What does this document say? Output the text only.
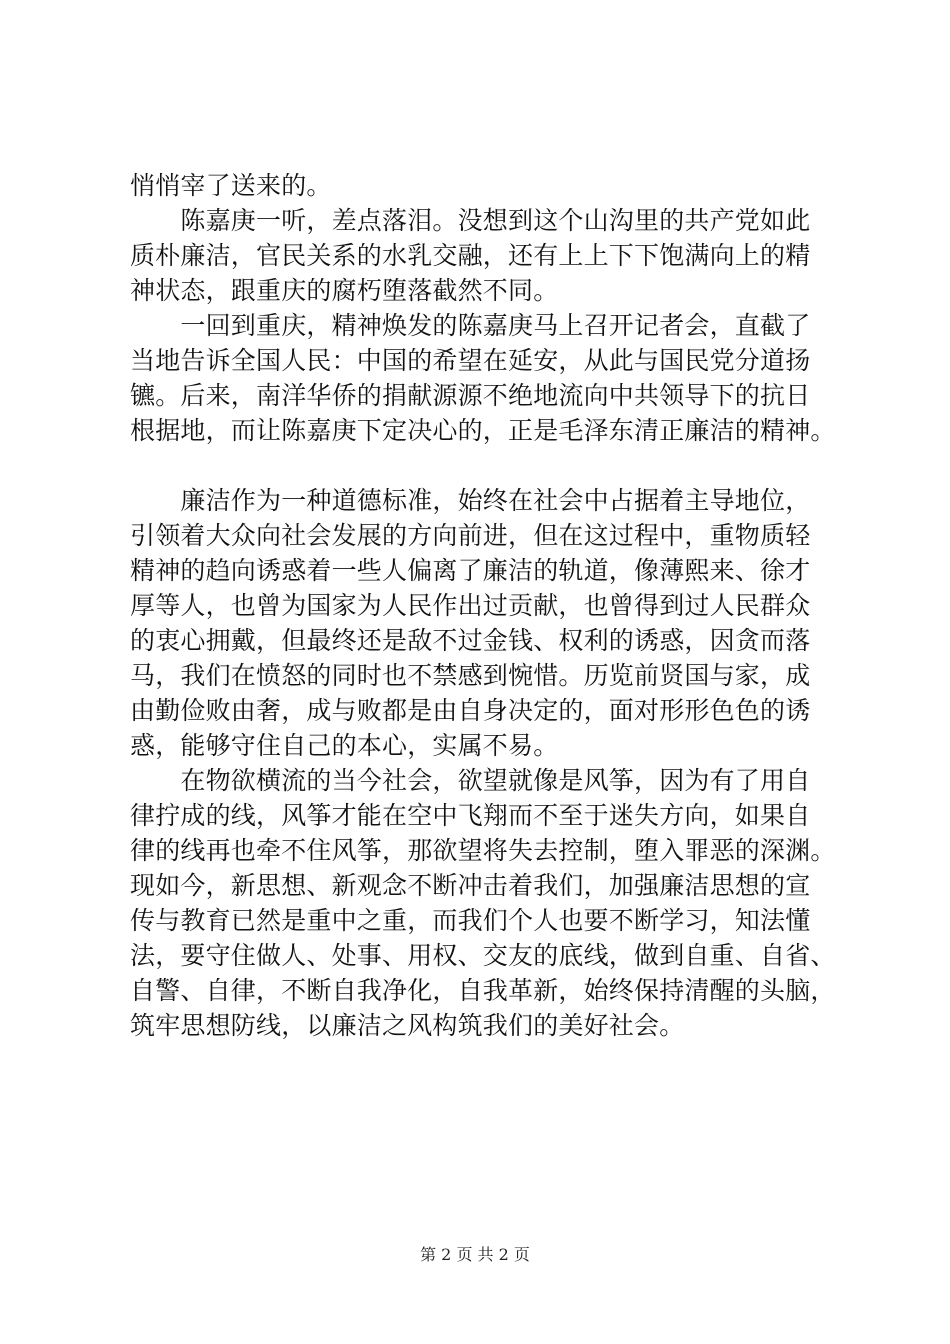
悄悄宰了送来的。
　　陈嘉庚一听，差点落泪。没想到这个山沟里的共产党如此
质朴廉洁，官民关系的水乳交融，还有上上下下饱满向上的精
神状态，跟重庆的腐朽堕落截然不同。
　　一回到重庆，精神焕发的陈嘉庚马上召开记者会，直截了
当地告诉全国人民：中国的希望在延安，从此与国民党分道扬
镳。后来，南洋华侨的捐献源源不绝地流向中共领导下的抗日
根据地，而让陈嘉庚下定决心的，正是毛泽东清正廉洁的精神。
　　廉洁作为一种道德标准，始终在社会中占据着主导地位，
引领着大众向社会发展的方向前进，但在这过程中，重物质轻
精神的趋向诱惑着一些人偏离了廉洁的轨道，像薄熙来、徐才
厚等人，也曾为国家为人民作出过贡献，也曾得到过人民群众
的衷心拥戴，但最终还是敌不过金钱、权利的诱惑，因贪而落
马，我们在愤怒的同时也不禁感到惋惜。历览前贤国与家，成
由勤俭败由奢，成与败都是由自身决定的，面对形形色色的诱
惑，能够守住自己的本心，实属不易。
　　在物欲横流的当今社会，欲望就像是风筝，因为有了用自
律拧成的线，风筝才能在空中飞翔而不至于迷失方向，如果自
律的线再也牵不住风筝，那欲望将失去控制，堕入罪恶的深渊。
现如今，新思想、新观念不断冲击着我们，加强廉洁思想的宣
传与教育已然是重中之重，而我们个人也要不断学习，知法懂
法，要守住做人、处事、用权、交友的底线，做到自重、自省、
自警、自律，不断自我净化，自我革新，始终保持清醒的头脑，
筑牢思想防线，以廉洁之风构筑我们的美好社会。
第 2 页 共 2 页
